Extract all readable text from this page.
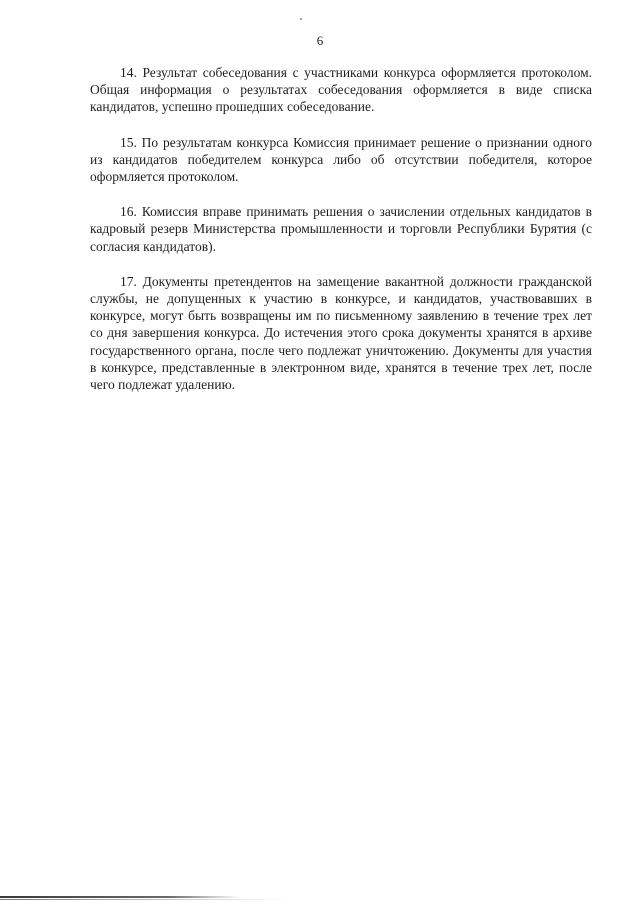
6

14. Результат собеседования с участниками конкурса оформляется протоколом. Общая информация о результатах собеседования оформляется в виде списка кандидатов, успешно прошедших собеседование.

15. По результатам конкурса Комиссия принимает решение о признании одного из кандидатов победителем конкурса либо об отсутствии победителя, которое оформляется протоколом.

16. Комиссия вправе принимать решения о зачислении отдельных кандидатов в кадровый резерв Министерства промышленности и торговли Республики Бурятия (с согласия кандидатов).

17. Документы претендентов на замещение вакантной должности гражданской службы, не допущенных к участию в конкурсе, и кандидатов, участвовавших в конкурсе, могут быть возвращены им по письменному заявлению в течение трех лет со дня завершения конкурса. До истечения этого срока документы хранятся в архиве государственного органа, после чего подлежат уничтожению. Документы для участия в конкурсе, представленные в электронном виде, хранятся в течение трех лет, после чего подлежат удалению.
